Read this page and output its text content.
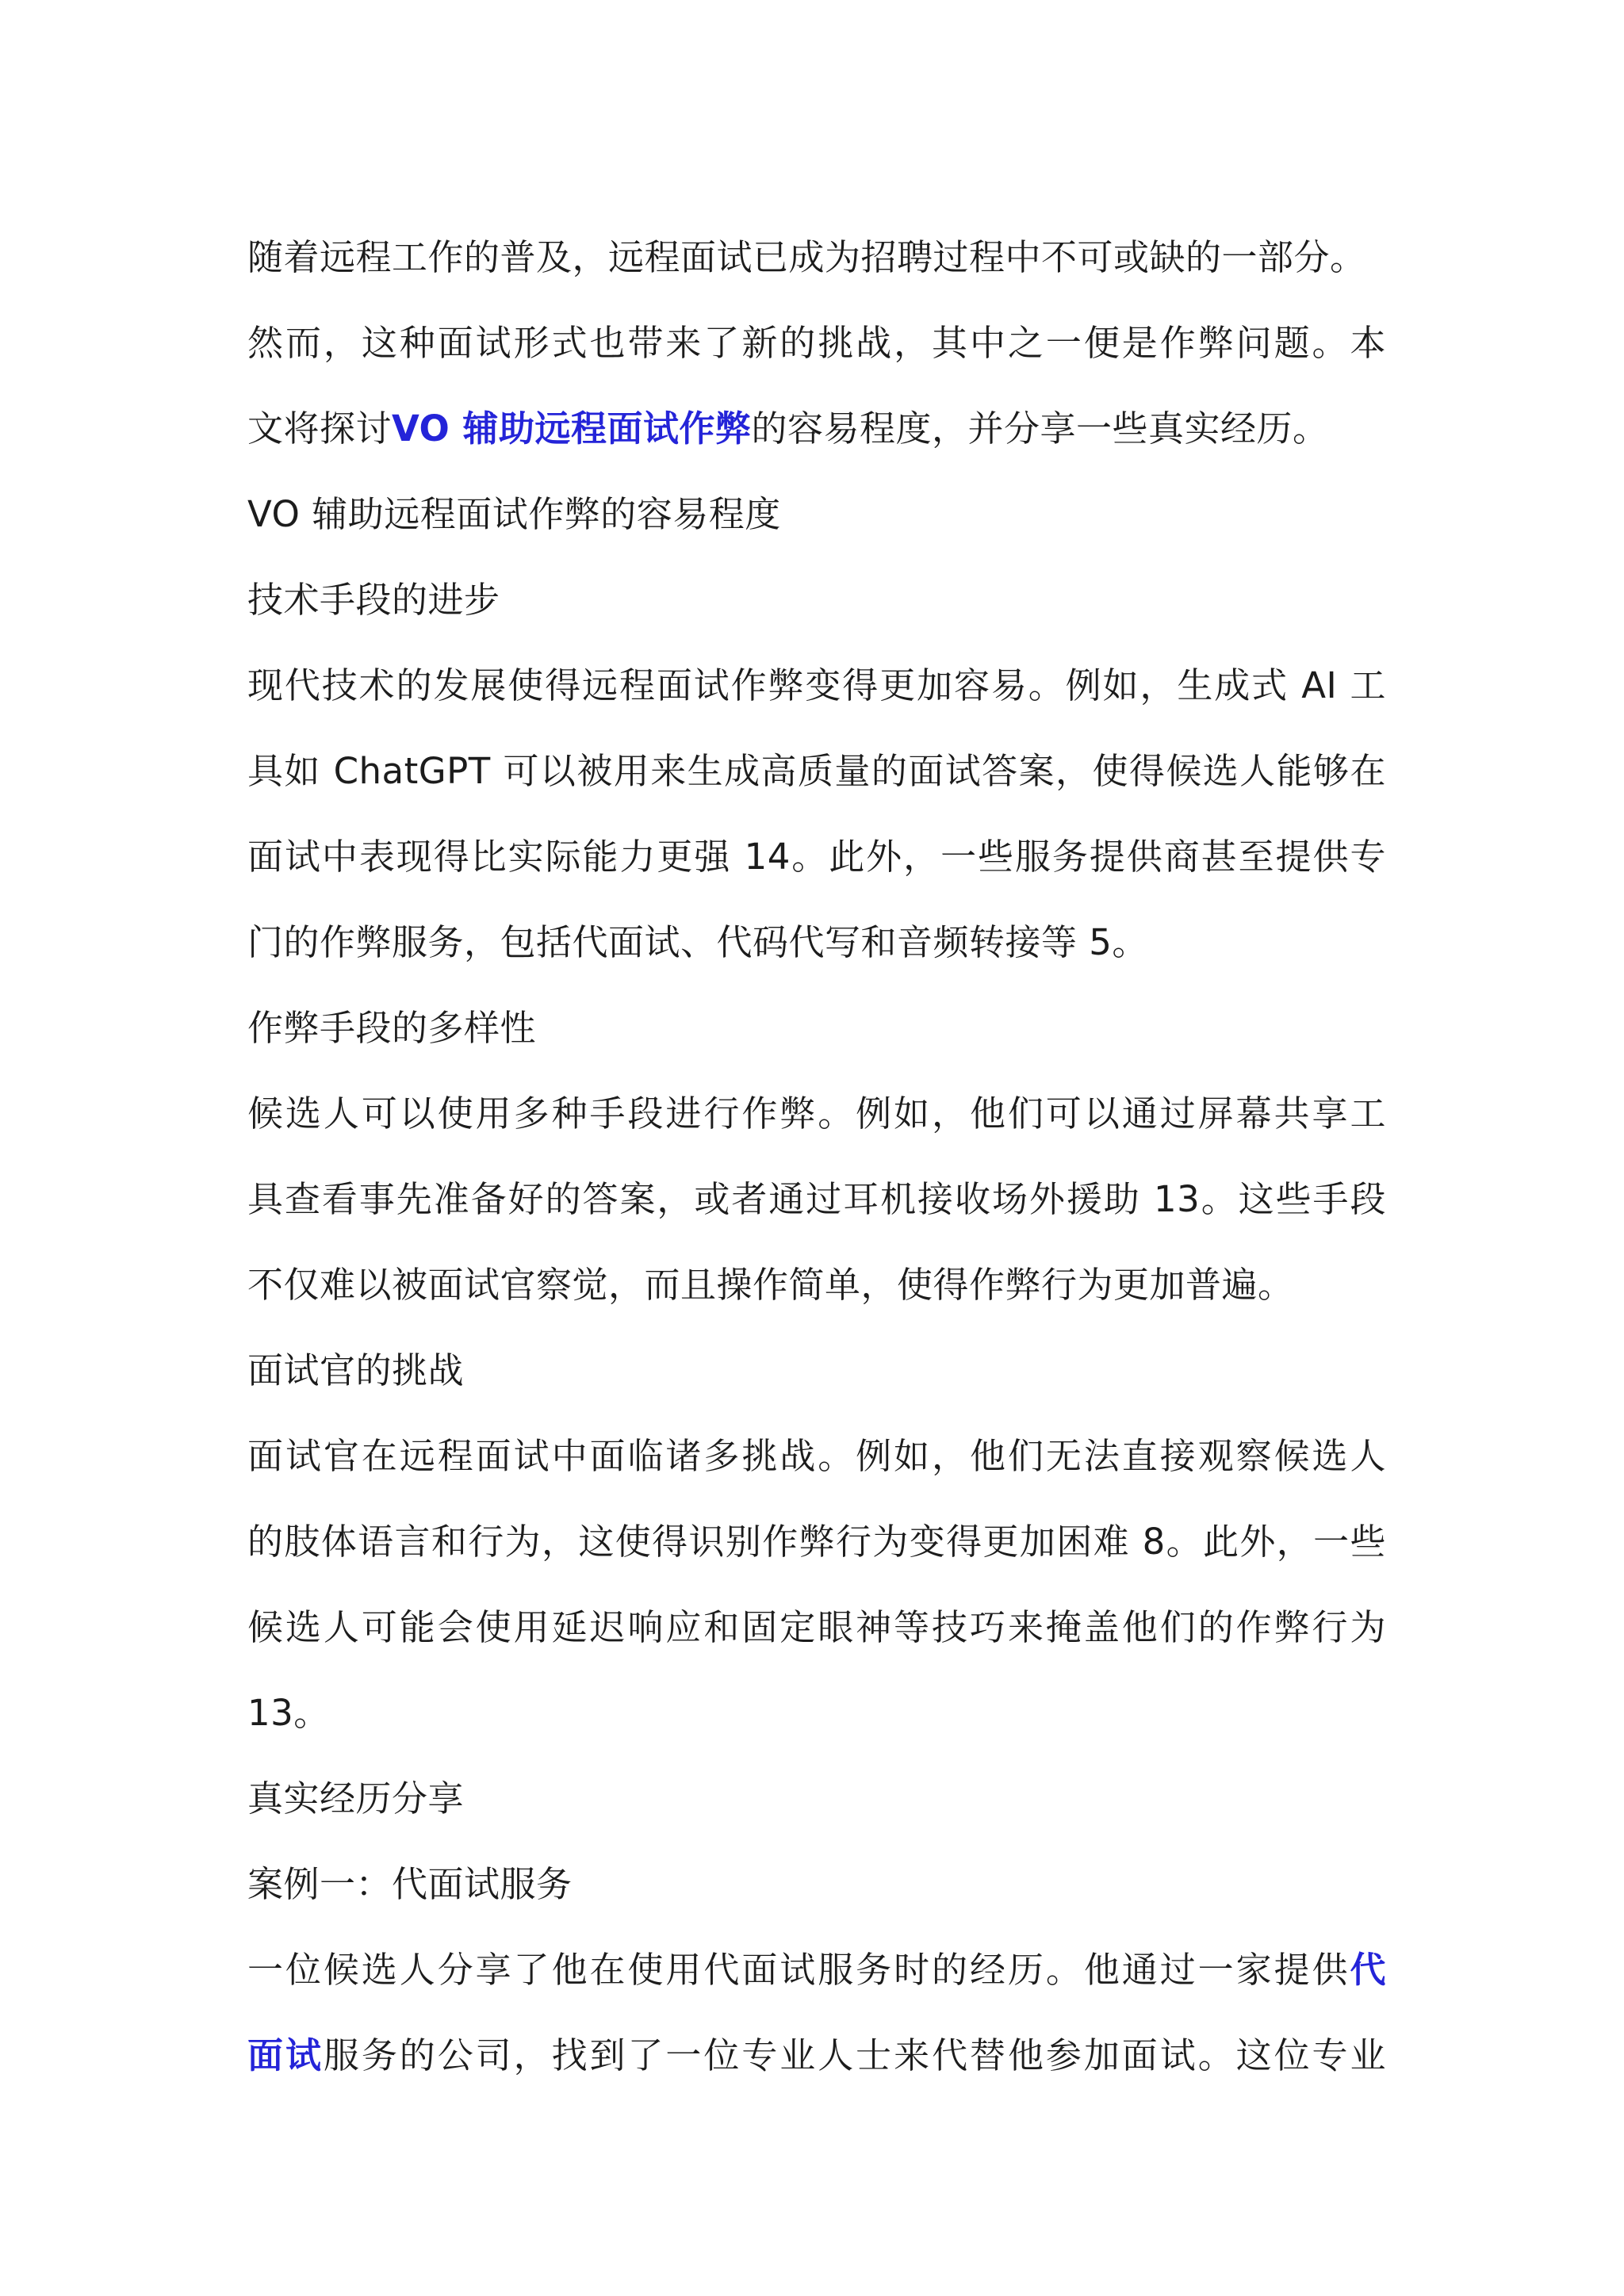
随着远程工作的普及，远程面试已成为招聘过程中不可或缺的一部分。
然而，这种面试形式也带来了新的挑战，其中之一便是作弊问题。本
文将探讨VO 辅助远程面试作弊的容易程度，并分享一些真实经历。
VO 辅助远程面试作弊的容易程度
技术手段的进步
现代技术的发展使得远程面试作弊变得更加容易。例如，生成式 AI 工
具如 ChatGPT 可以被用来生成高质量的面试答案，使得候选人能够在
面试中表现得比实际能力更强 14。此外，一些服务提供商甚至提供专
门的作弊服务，包括代面试、代码代写和音频转接等 5。
作弊手段的多样性
候选人可以使用多种手段进行作弊。例如，他们可以通过屏幕共享工
具查看事先准备好的答案，或者通过耳机接收场外援助 13。这些手段
不仅难以被面试官察觉，而且操作简单，使得作弊行为更加普遍。
面试官的挑战
面试官在远程面试中面临诸多挑战。例如，他们无法直接观察候选人
的肢体语言和行为，这使得识别作弊行为变得更加困难 8。此外，一些
候选人可能会使用延迟响应和固定眼神等技巧来掩盖他们的作弊行为
13。
真实经历分享
案例一：代面试服务
一位候选人分享了他在使用代面试服务时的经历。他通过一家提供代
面试服务的公司，找到了一位专业人士来代替他参加面试。这位专业
